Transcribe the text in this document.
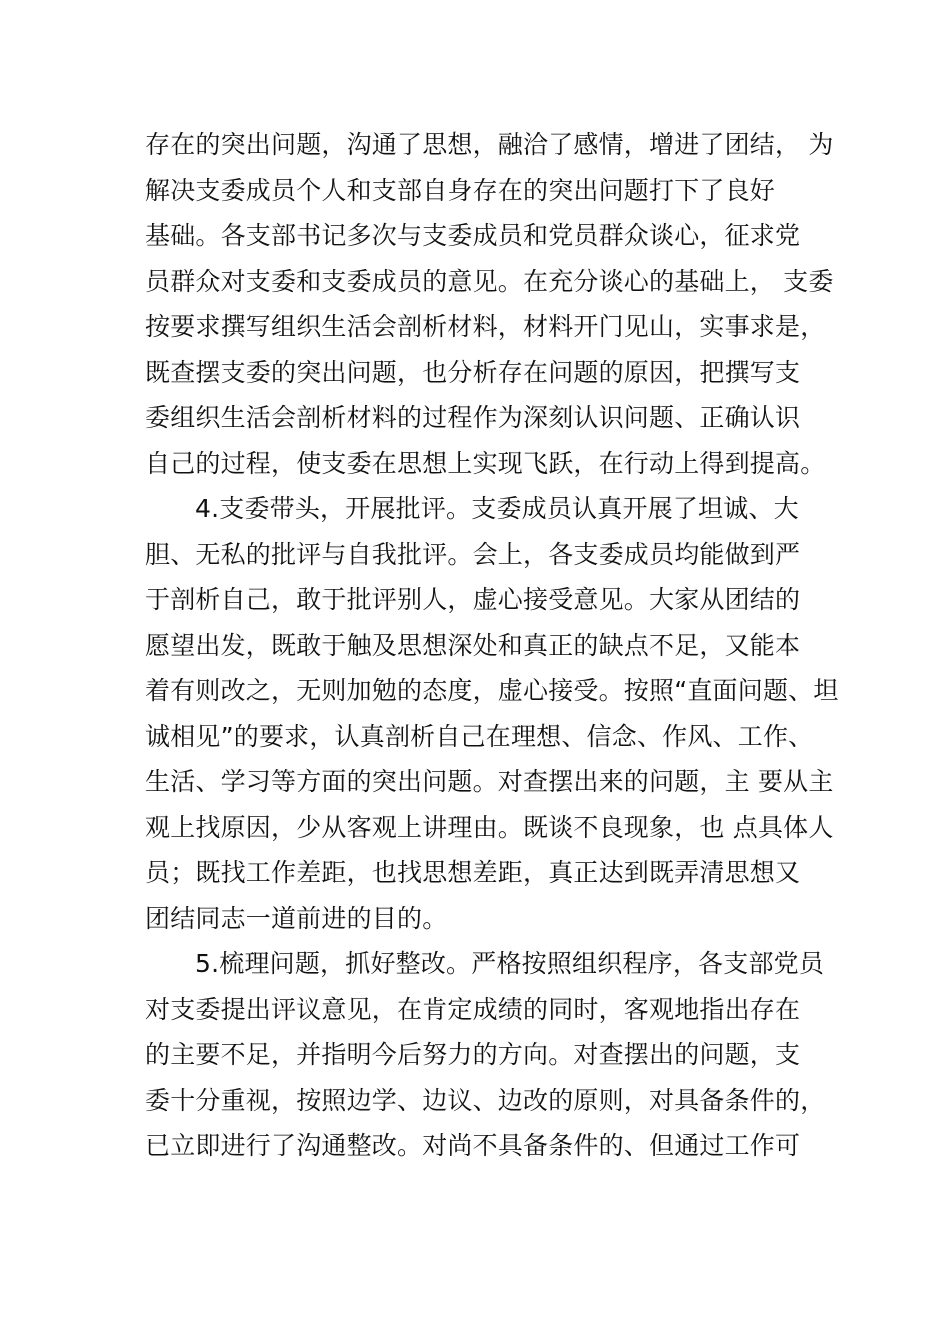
存在的突出问题，沟通了思想，融洽了感情，增进了团结， 为
解决支委成员个人和支部自身存在的突出问题打下了良好
基础。各支部书记多次与支委成员和党员群众谈心，征求党
员群众对支委和支委成员的意见。在充分谈心的基础上， 支委
按要求撰写组织生活会剖析材料，材料开门见山，实事求是，
既查摆支委的突出问题，也分析存在问题的原因，把撰写支
委组织生活会剖析材料的过程作为深刻认识问题、正确认识
自己的过程，使支委在思想上实现飞跃，在行动上得到提高。
4.支委带头，开展批评。支委成员认真开展了坦诚、大
胆、无私的批评与自我批评。会上，各支委成员均能做到严
于剖析自己，敢于批评别人，虚心接受意见。大家从团结的
愿望出发，既敢于触及思想深处和真正的缺点不足，又能本
着有则改之，无则加勉的态度，虚心接受。按照“直面问题、坦
诚相见”的要求，认真剖析自己在理想、信念、作风、工作、
生活、学习等方面的突出问题。对查摆出来的问题，主 要从主
观上找原因，少从客观上讲理由。既谈不良现象，也 点具体人
员；既找工作差距，也找思想差距，真正达到既弄清思想又
团结同志一道前进的目的。
5.梳理问题，抓好整改。严格按照组织程序，各支部党员
对支委提出评议意见，在肯定成绩的同时，客观地指出存在
的主要不足，并指明今后努力的方向。对查摆出的问题，支
委十分重视，按照边学、边议、边改的原则，对具备条件的，
已立即进行了沟通整改。对尚不具备条件的、但通过工作可
